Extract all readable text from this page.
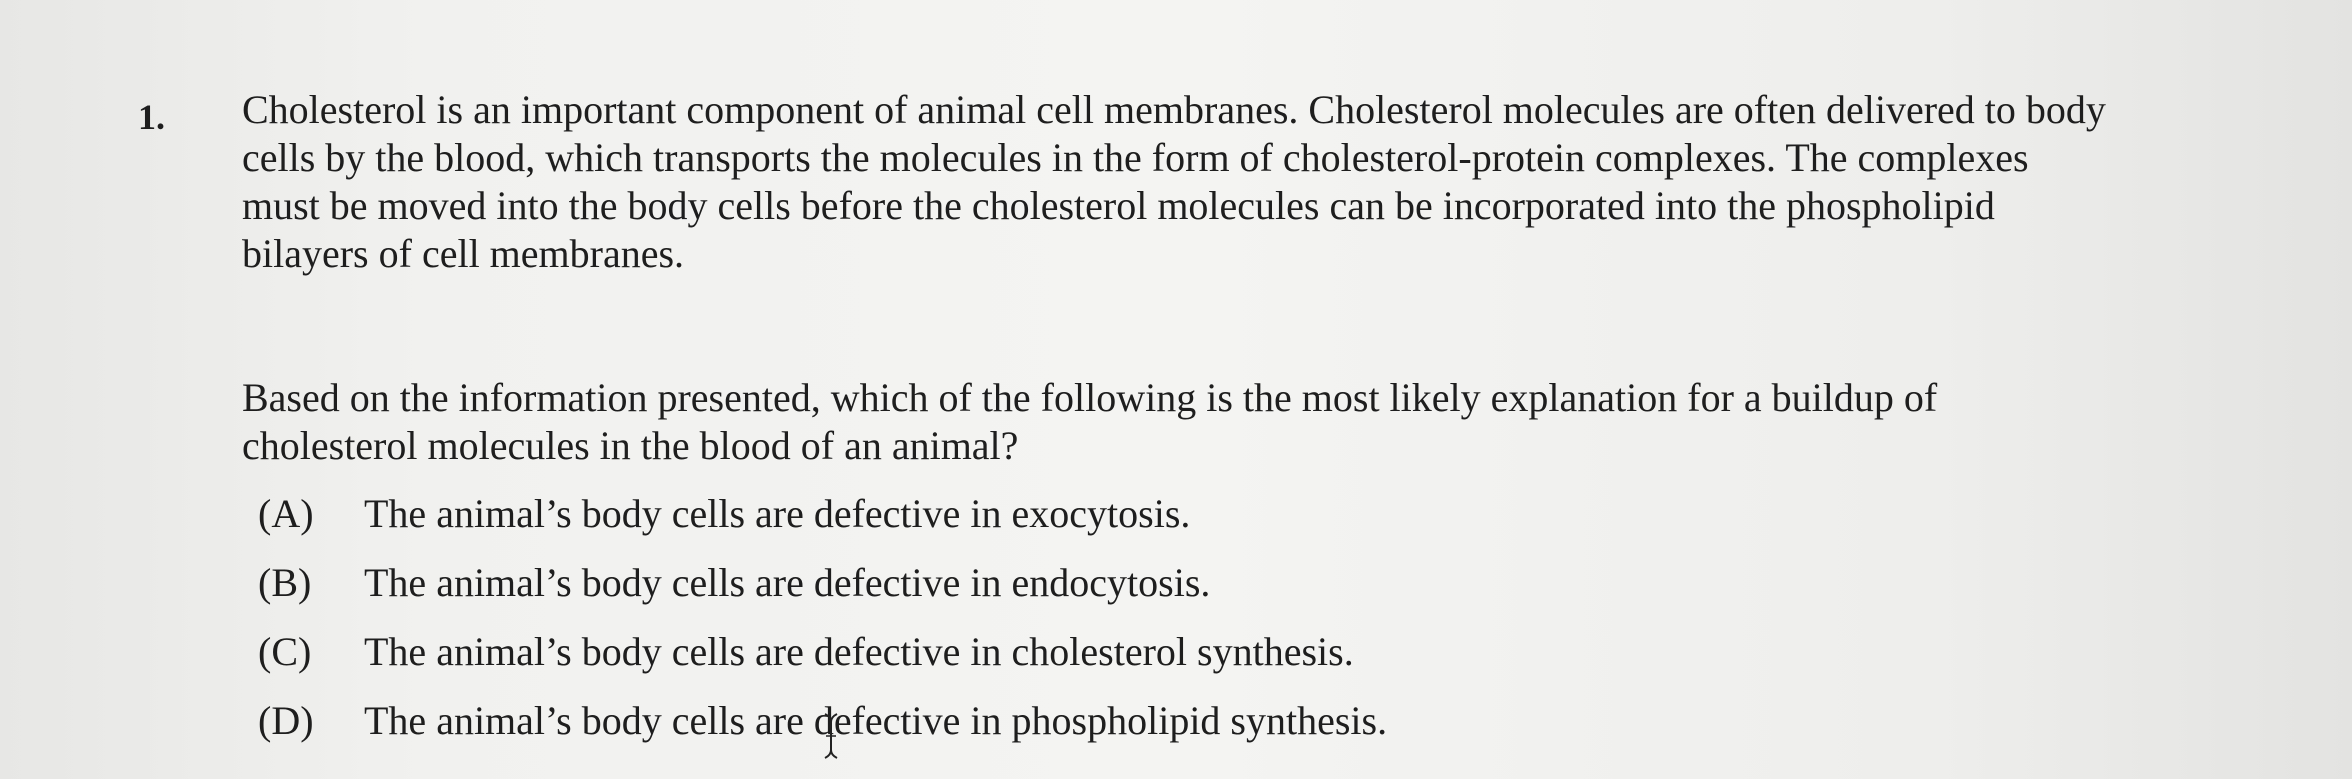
1. Cholesterol is an important component of animal cell membranes. Cholesterol molecules are often delivered to body
cells by the blood, which transports the molecules in the form of cholesterol-protein complexes. The complexes
must be moved into the body cells before the cholesterol molecules can be incorporated into the phospholipid
bilayers of cell membranes.
Based on the information presented, which of the following is the most likely explanation for a buildup of
cholesterol molecules in the blood of an animal?
(A) The animal’s body cells are defective in exocytosis.
(B) The animal’s body cells are defective in endocytosis.
(C) The animal’s body cells are defective in cholesterol synthesis.
(D) The animal’s body cells are defective in phospholipid synthesis.
